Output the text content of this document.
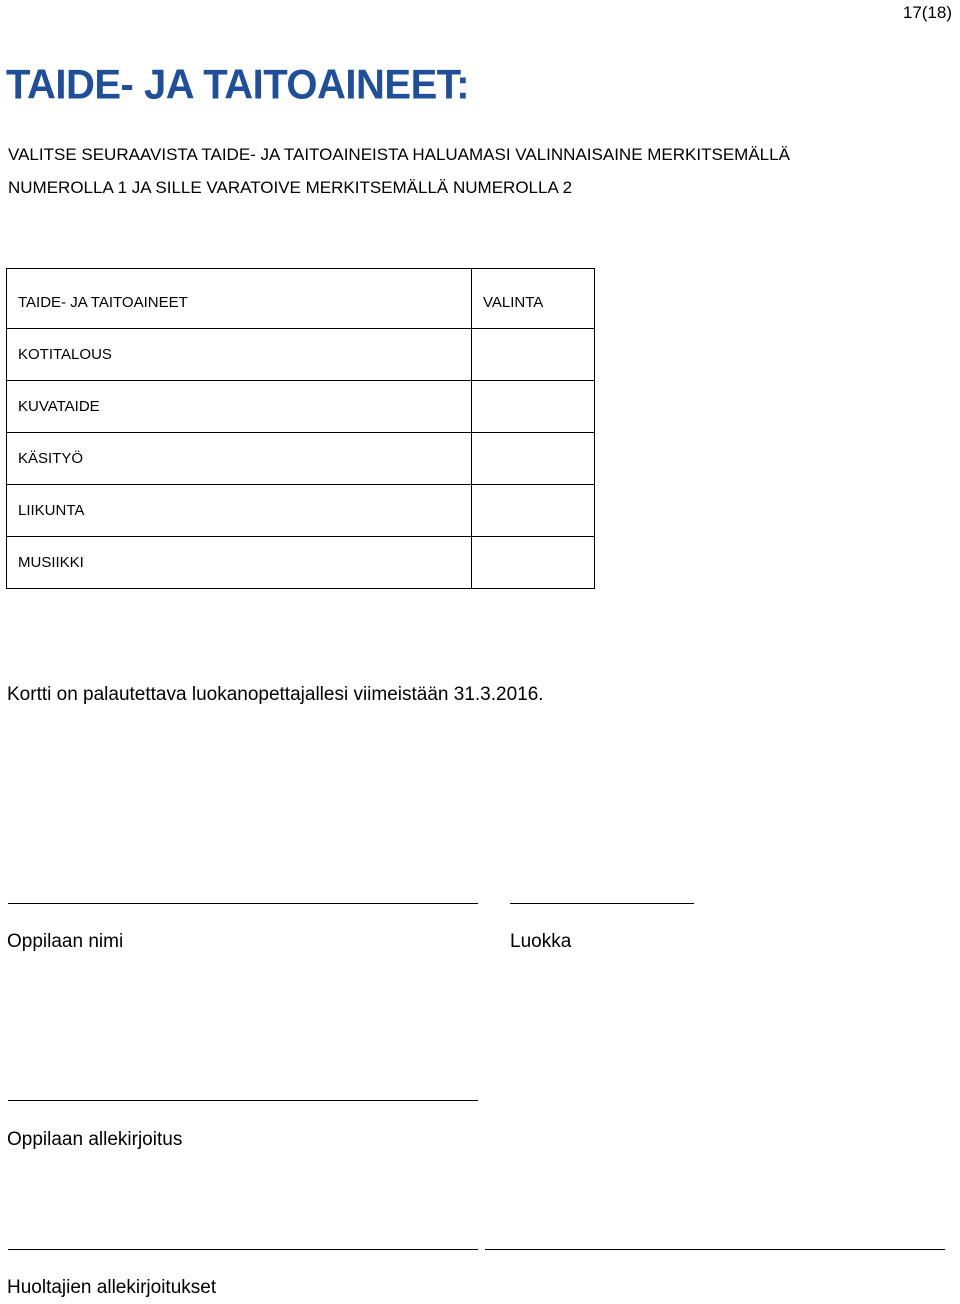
17(18)
TAIDE- JA TAITOAINEET:
VALITSE SEURAAVISTA TAIDE- JA TAITOAINEISTA HALUAMASI VALINNAISAINE MERKITSEMÄLLÄ
NUMEROLLA 1 JA SILLE VARATOIVE MERKITSEMÄLLÄ NUMEROLLA 2
TAIDE- JA TAITOAINEET	VALINTA
KOTITALOUS	
KUVATAIDE	
KÄSITYÖ	
LIIKUNTA	
MUSIIKKI	

Kortti on palautettava luokanopettajallesi viimeistään 31.3.2016.

Oppilaan nimi	Luokka

Oppilaan allekirjoitus

Huoltajien allekirjoitukset
